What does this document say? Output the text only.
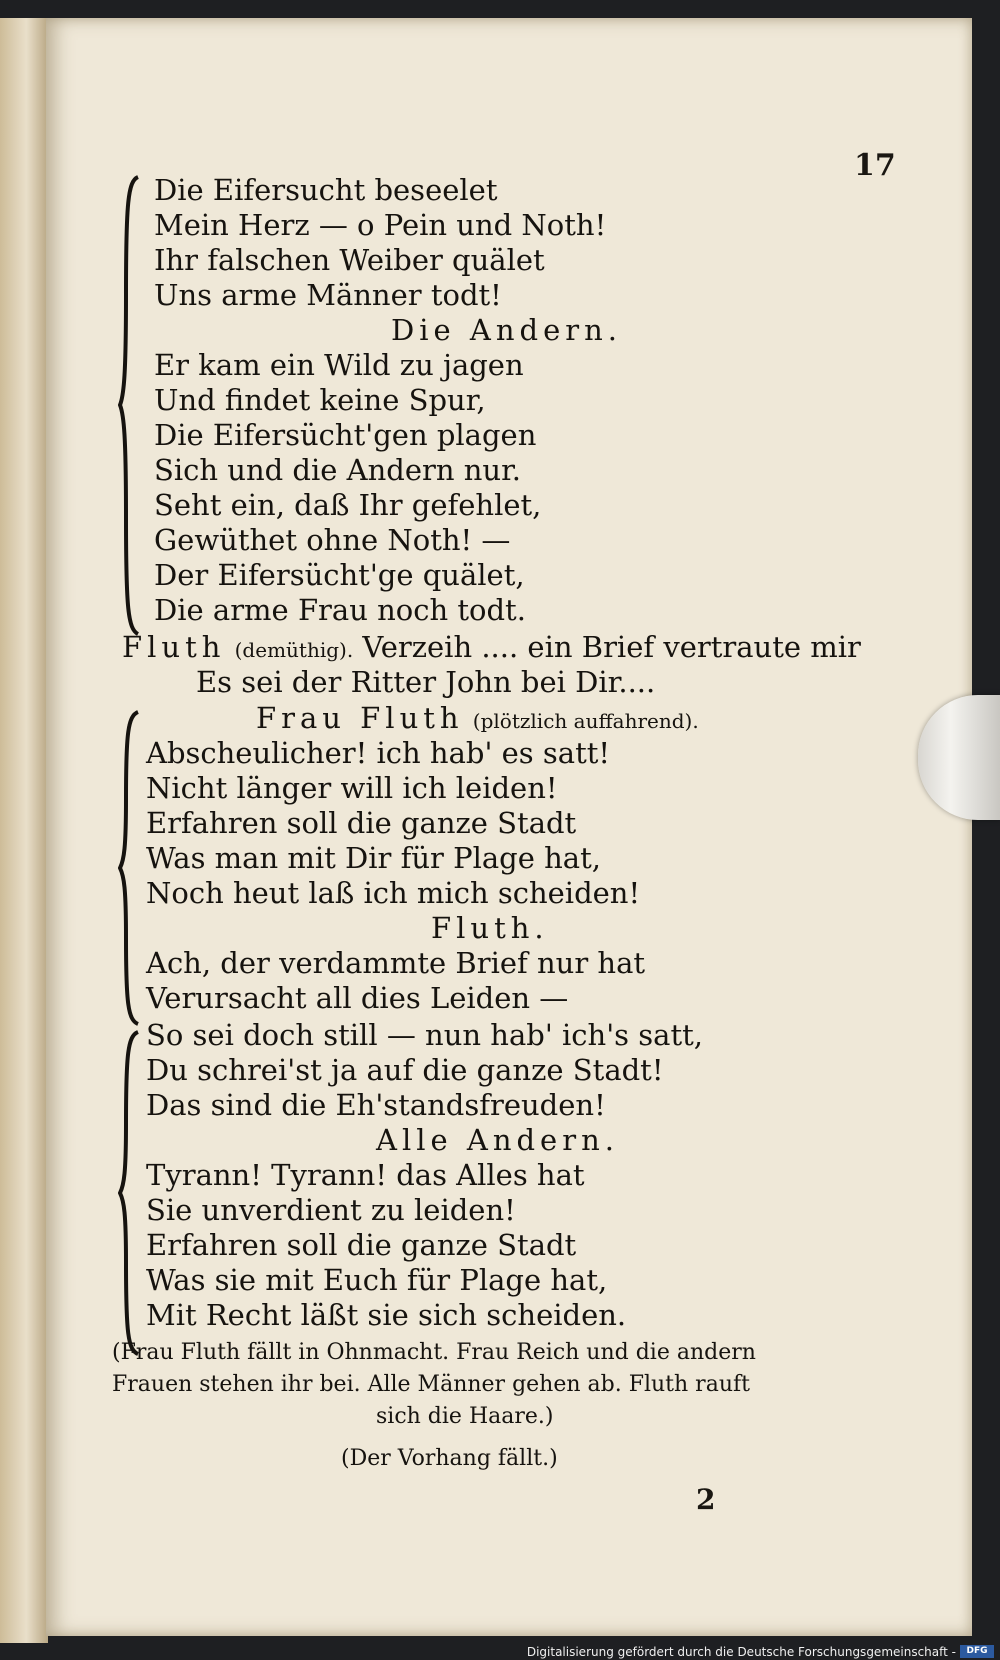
17
Die Eifersucht beseelet
Mein Herz — o Pein und Noth!
Ihr falschen Weiber quälet
Uns arme Männer todt!
Die Andern.
Er kam ein Wild zu jagen
Und findet keine Spur,
Die Eifersücht'gen plagen
Sich und die Andern nur.
Seht ein, daß Ihr gefehlet,
Gewüthet ohne Noth! —
Der Eifersücht'ge quälet,
Die arme Frau noch todt.
Fluth (demüthig). Verzeih .... ein Brief vertraute mir
Es sei der Ritter John bei Dir....
Frau Fluth (plötzlich auffahrend).
Abscheulicher! ich hab' es satt!
Nicht länger will ich leiden!
Erfahren soll die ganze Stadt
Was man mit Dir für Plage hat,
Noch heut laß ich mich scheiden!
Fluth.
Ach, der verdammte Brief nur hat
Verursacht all dies Leiden —
So sei doch still — nun hab' ich's satt,
Du schrei'st ja auf die ganze Stadt!
Das sind die Eh'standsfreuden!
Alle Andern.
Tyrann! Tyrann! das Alles hat
Sie unverdient zu leiden!
Erfahren soll die ganze Stadt
Was sie mit Euch für Plage hat,
Mit Recht läßt sie sich scheiden.
(Frau Fluth fällt in Ohnmacht. Frau Reich und die andern
Frauen stehen ihr bei. Alle Männer gehen ab. Fluth rauft
sich die Haare.)
(Der Vorhang fällt.)
2
Digitalisierung gefördert durch die Deutsche Forschungsgemeinschaft -	DFG
